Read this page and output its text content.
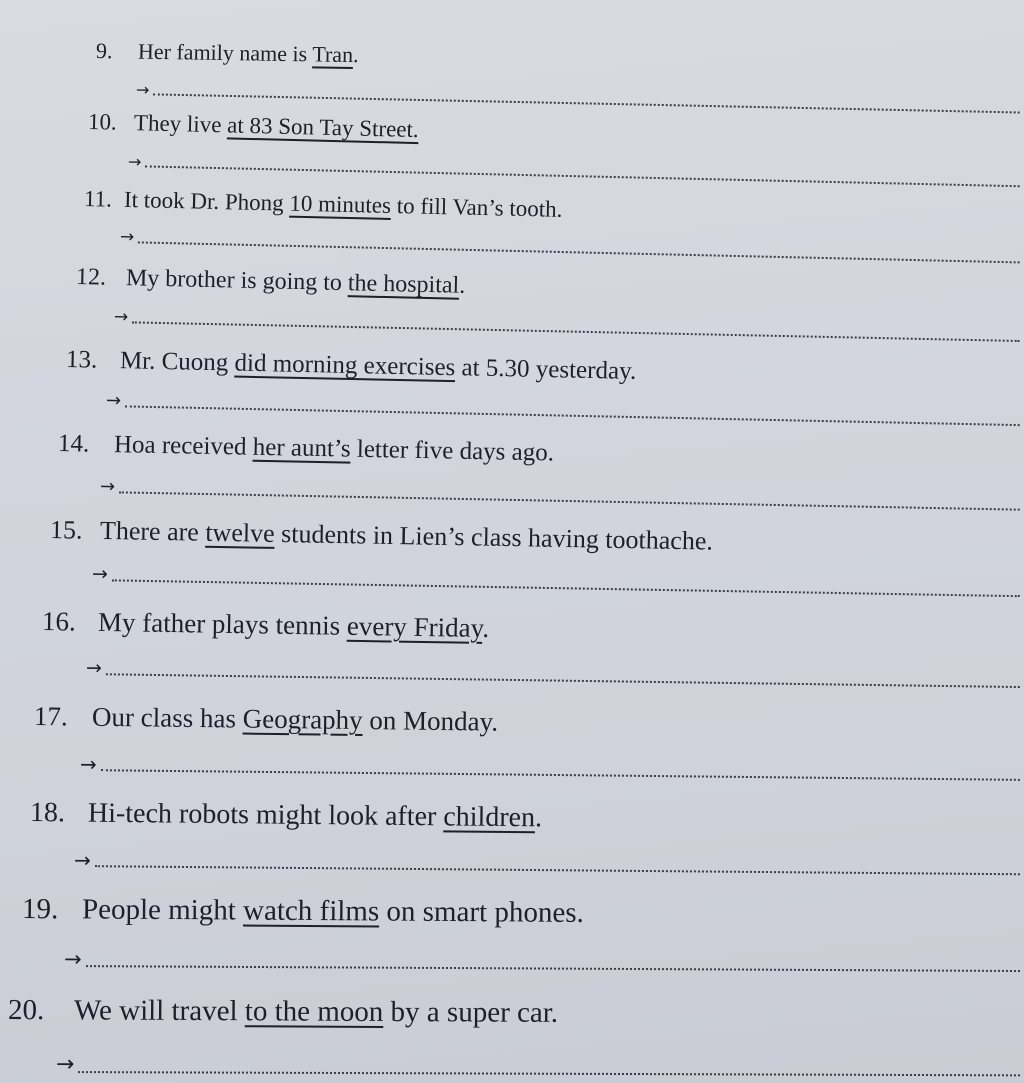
9. Her family name is Tran.
→
10. They live at 83 Son Tay Street.
→
11. It took Dr. Phong 10 minutes to fill Van’s tooth.
→
12. My brother is going to the hospital.
→
13. Mr. Cuong did morning exercises at 5.30 yesterday.
→
14. Hoa received her aunt’s letter five days ago.
→
15. There are twelve students in Lien’s class having toothache.
→
16. My father plays tennis every Friday.
→
17. Our class has Geography on Monday.
→
18. Hi-tech robots might look after children.
→
19. People might watch films on smart phones.
→
20. We will travel to the moon by a super car.
→
